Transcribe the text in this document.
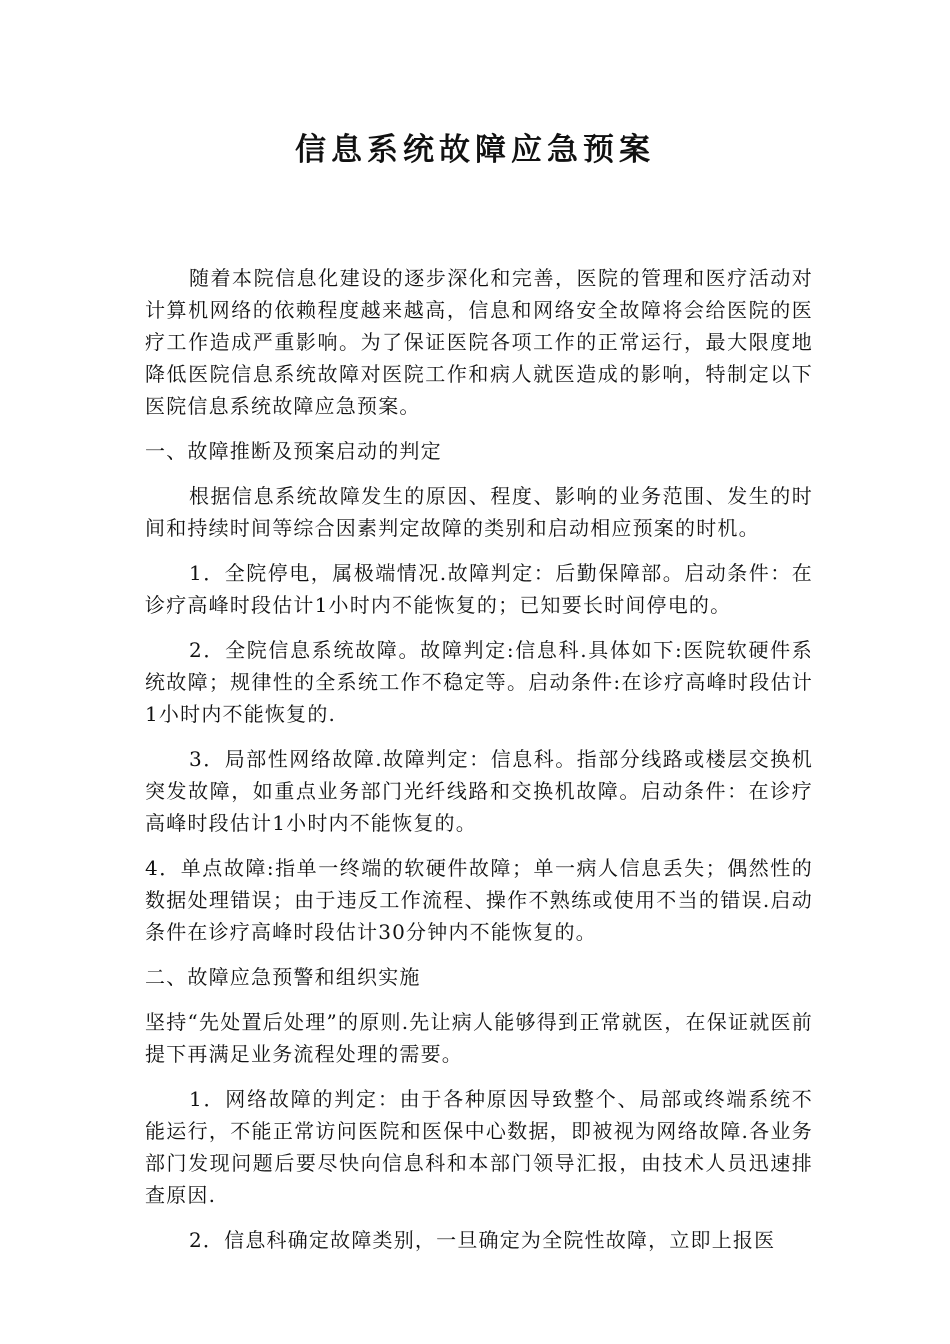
信息系统故障应急预案

随着本院信息化建设的逐步深化和完善，医院的管理和医疗活动对计算机网络的依赖程度越来越高，信息和网络安全故障将会给医院的医疗工作造成严重影响。为了保证医院各项工作的正常运行，最大限度地降低医院信息系统故障对医院工作和病人就医造成的影响，特制定以下医院信息系统故障应急预案。

一、故障推断及预案启动的判定

根据信息系统故障发生的原因、程度、影响的业务范围、发生的时间和持续时间等综合因素判定故障的类别和启动相应预案的时机。

1．全院停电，属极端情况.故障判定：后勤保障部。启动条件：在诊疗高峰时段估计1小时内不能恢复的；已知要长时间停电的。

2．全院信息系统故障。故障判定:信息科.具体如下:医院软硬件系统故障；规律性的全系统工作不稳定等。启动条件:在诊疗高峰时段估计1小时内不能恢复的.

3．局部性网络故障.故障判定：信息科。指部分线路或楼层交换机突发故障，如重点业务部门光纤线路和交换机故障。启动条件：在诊疗高峰时段估计1小时内不能恢复的。

4．单点故障:指单一终端的软硬件故障；单一病人信息丢失；偶然性的数据处理错误；由于违反工作流程、操作不熟练或使用不当的错误.启动条件在诊疗高峰时段估计30分钟内不能恢复的。

二、故障应急预警和组织实施

坚持“先处置后处理”的原则.先让病人能够得到正常就医，在保证就医前提下再满足业务流程处理的需要。

1．网络故障的判定：由于各种原因导致整个、局部或终端系统不能运行，不能正常访问医院和医保中心数据，即被视为网络故障.各业务部门发现问题后要尽快向信息科和本部门领导汇报，由技术人员迅速排查原因.

2．信息科确定故障类别，一旦确定为全院性故障，立即上报医
